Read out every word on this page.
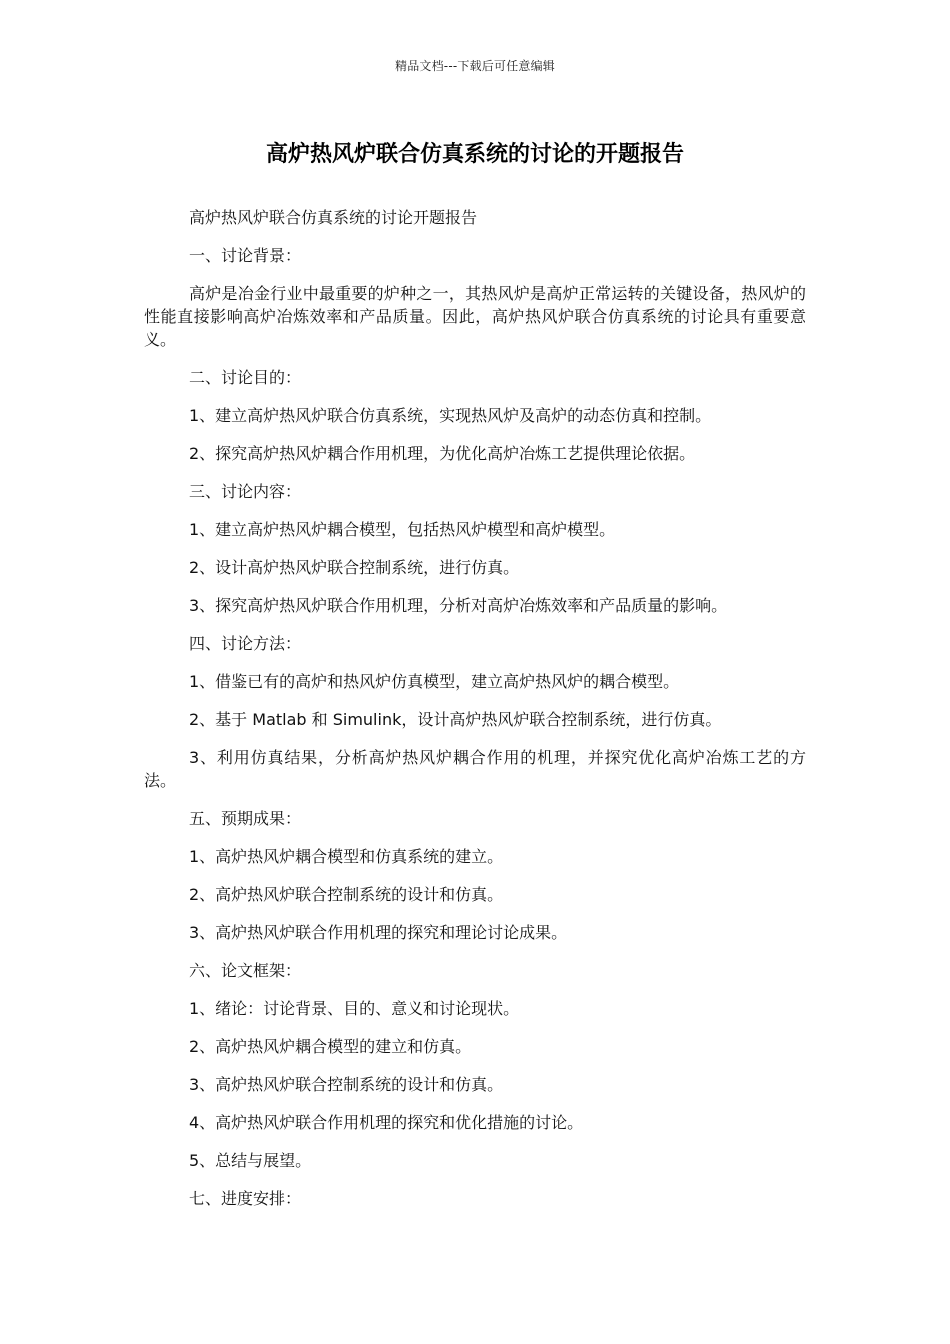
精品文档---下载后可任意编辑
高炉热风炉联合仿真系统的讨论的开题报告

高炉热风炉联合仿真系统的讨论开题报告

一、讨论背景：

高炉是冶金行业中最重要的炉种之一，其热风炉是高炉正常运转的关键设备，热风炉的性能直接影响高炉冶炼效率和产品质量。因此，高炉热风炉联合仿真系统的讨论具有重要意义。

二、讨论目的：

1、建立高炉热风炉联合仿真系统，实现热风炉及高炉的动态仿真和控制。

2、探究高炉热风炉耦合作用机理，为优化高炉冶炼工艺提供理论依据。

三、讨论内容：

1、建立高炉热风炉耦合模型，包括热风炉模型和高炉模型。

2、设计高炉热风炉联合控制系统，进行仿真。

3、探究高炉热风炉联合作用机理，分析对高炉冶炼效率和产品质量的影响。

四、讨论方法：

1、借鉴已有的高炉和热风炉仿真模型，建立高炉热风炉的耦合模型。

2、基于 Matlab 和 Simulink，设计高炉热风炉联合控制系统，进行仿真。

3、利用仿真结果，分析高炉热风炉耦合作用的机理，并探究优化高炉冶炼工艺的方法。

五、预期成果：

1、高炉热风炉耦合模型和仿真系统的建立。

2、高炉热风炉联合控制系统的设计和仿真。

3、高炉热风炉联合作用机理的探究和理论讨论成果。

六、论文框架：

1、绪论：讨论背景、目的、意义和讨论现状。

2、高炉热风炉耦合模型的建立和仿真。

3、高炉热风炉联合控制系统的设计和仿真。

4、高炉热风炉联合作用机理的探究和优化措施的讨论。

5、总结与展望。

七、进度安排：
